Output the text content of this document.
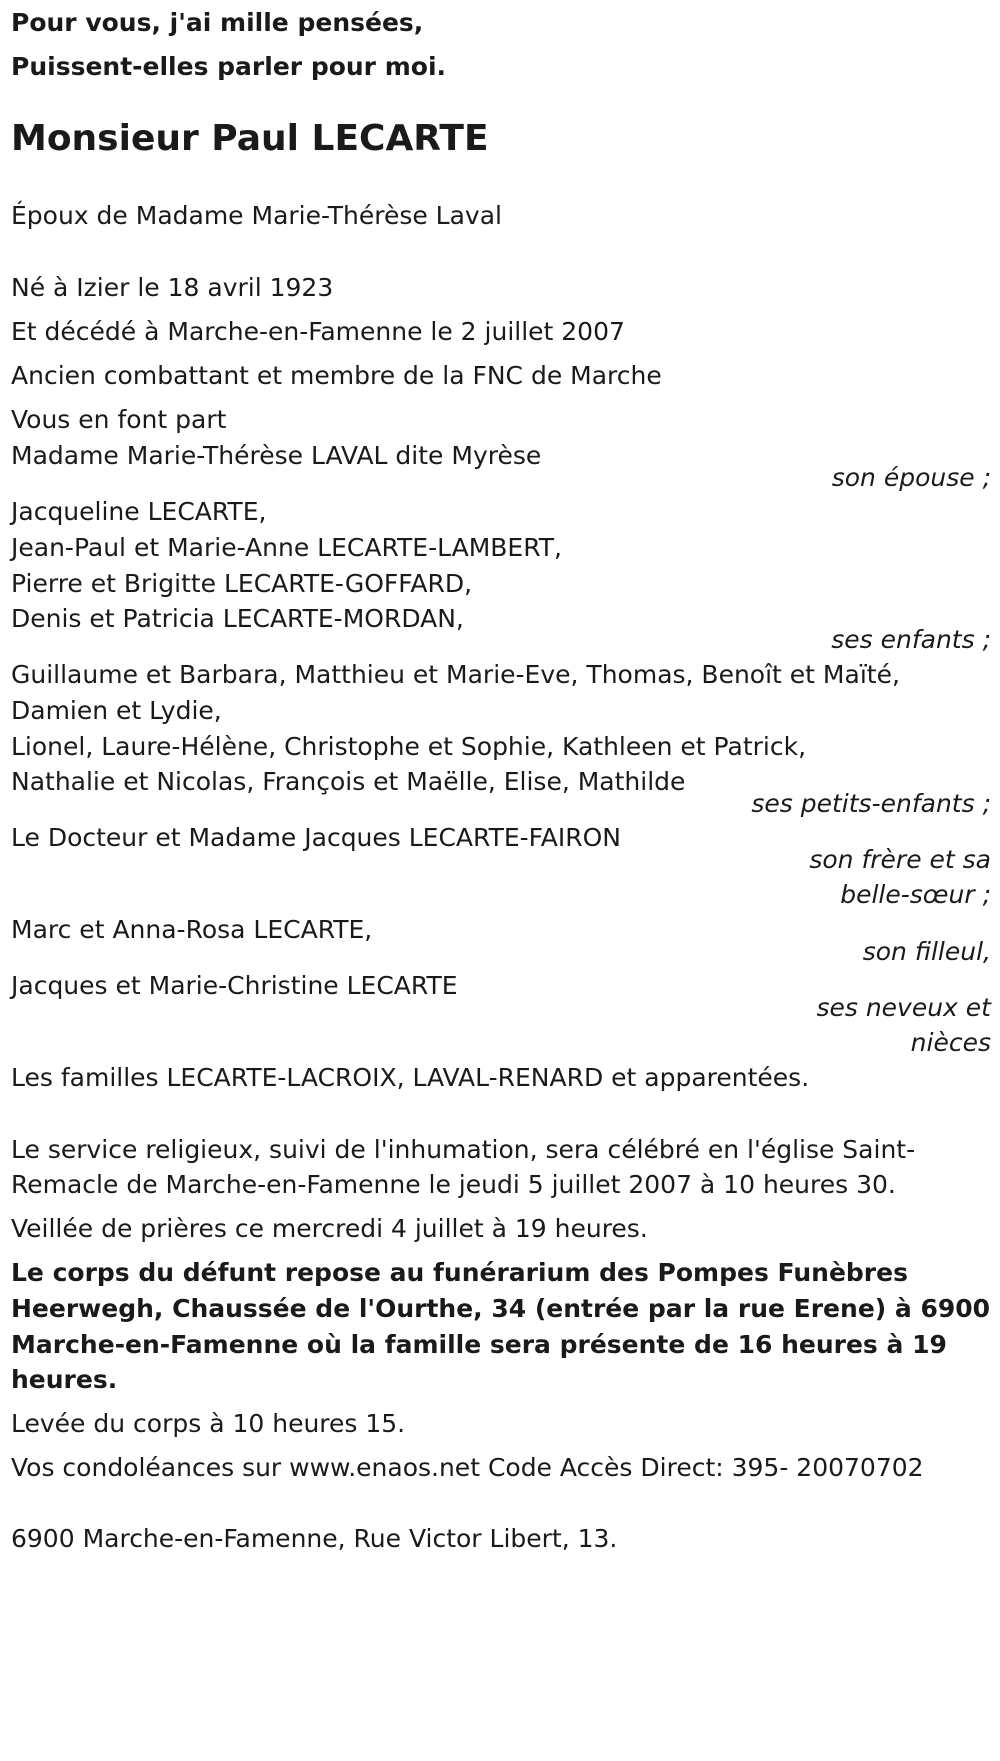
Pour vous, j'ai mille pensées,
Puissent-elles parler pour moi.
Monsieur Paul LECARTE
Époux de Madame Marie-Thérèse Laval
Né à Izier le 18 avril 1923
Et décédé à Marche-en-Famenne le 2 juillet 2007
Ancien combattant et membre de la FNC de Marche
Vous en font part
Madame Marie-Thérèse LAVAL dite Myrèse
son épouse ;
Jacqueline LECARTE,
Jean-Paul et Marie-Anne LECARTE-LAMBERT,
Pierre et Brigitte LECARTE-GOFFARD,
Denis et Patricia LECARTE-MORDAN,
ses enfants ;
Guillaume et Barbara, Matthieu et Marie-Eve, Thomas, Benoît et Maïté,
Damien et Lydie,
Lionel, Laure-Hélène, Christophe et Sophie, Kathleen et Patrick,
Nathalie et Nicolas, François et Maëlle, Elise, Mathilde
ses petits-enfants ;
Le Docteur et Madame Jacques LECARTE-FAIRON
son frère et sa
belle-sœur ;
Marc et Anna-Rosa LECARTE,
son filleul,
Jacques et Marie-Christine LECARTE
ses neveux et
nièces
Les familles LECARTE-LACROIX, LAVAL-RENARD et apparentées.
Le service religieux, suivi de l'inhumation, sera célébré en l'église Saint-
Remacle de Marche-en-Famenne le jeudi 5 juillet 2007 à 10 heures 30.
Veillée de prières ce mercredi 4 juillet à 19 heures.
Le corps du défunt repose au funérarium des Pompes Funèbres
Heerwegh, Chaussée de l'Ourthe, 34 (entrée par la rue Erene) à 6900
Marche-en-Famenne où la famille sera présente de 16 heures à 19
heures.
Levée du corps à 10 heures 15.
Vos condoléances sur www.enaos.net Code Accès Direct: 395- 20070702
6900 Marche-en-Famenne, Rue Victor Libert, 13.
